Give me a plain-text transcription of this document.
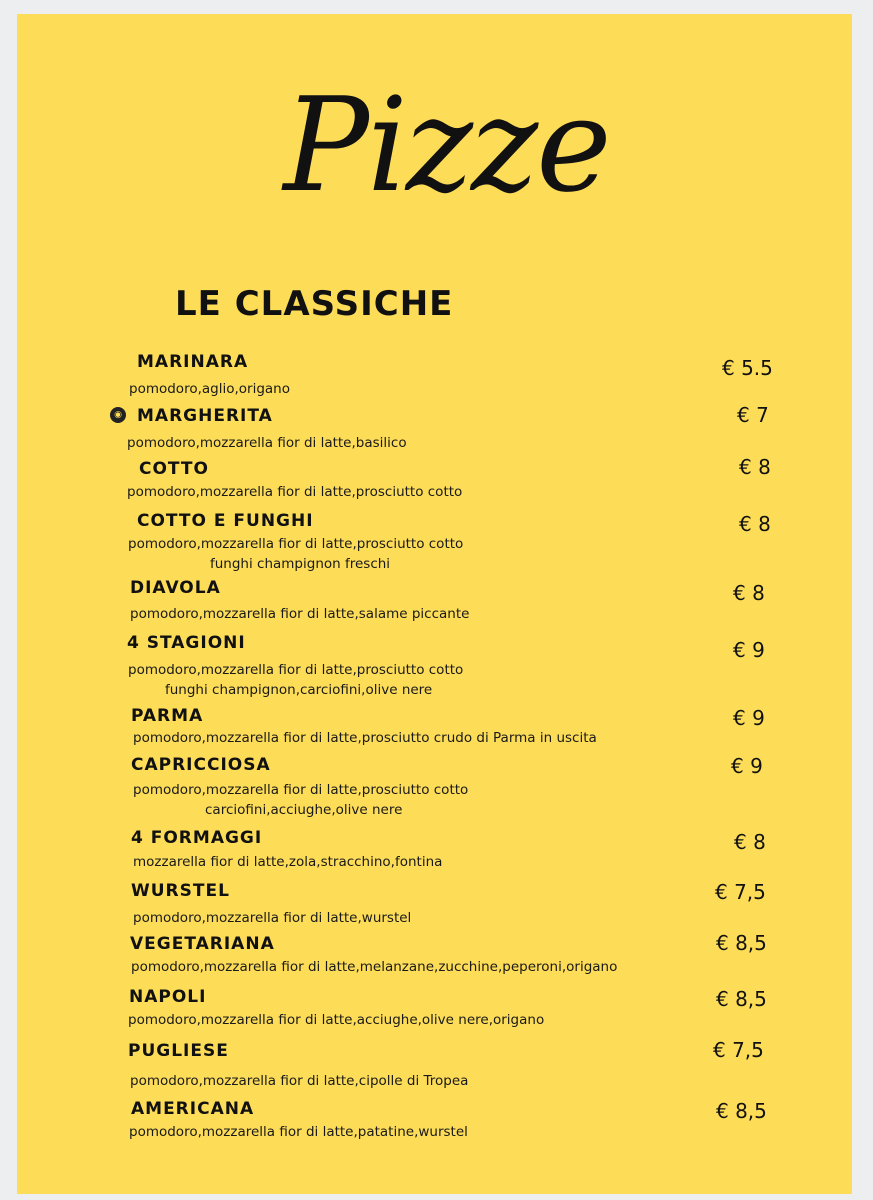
Pizze
LE CLASSICHE
◉
MARINARA
pomodoro,aglio,origano
€ 5.5
MARGHERITA
pomodoro,mozzarella fior di latte,basilico
€ 7
COTTO
pomodoro,mozzarella fior di latte,prosciutto cotto
€ 8
COTTO E FUNGHI
pomodoro,mozzarella fior di latte,prosciutto cotto
funghi champignon freschi
€ 8
DIAVOLA
pomodoro,mozzarella fior di latte,salame piccante
€ 8
4 STAGIONI
pomodoro,mozzarella fior di latte,prosciutto cotto
funghi champignon,carciofini,olive nere
€ 9
PARMA
pomodoro,mozzarella fior di latte,prosciutto crudo di Parma in uscita
€ 9
CAPRICCIOSA
pomodoro,mozzarella fior di latte,prosciutto cotto
carciofini,acciughe,olive nere
€ 9
4 FORMAGGI
mozzarella fior di latte,zola,stracchino,fontina
€ 8
WURSTEL
pomodoro,mozzarella fior di latte,wurstel
€ 7,5
VEGETARIANA
pomodoro,mozzarella fior di latte,melanzane,zucchine,peperoni,origano
€ 8,5
NAPOLI
pomodoro,mozzarella fior di latte,acciughe,olive nere,origano
€ 8,5
PUGLIESE
pomodoro,mozzarella fior di latte,cipolle di Tropea
€ 7,5
AMERICANA
pomodoro,mozzarella fior di latte,patatine,wurstel
€ 8,5
